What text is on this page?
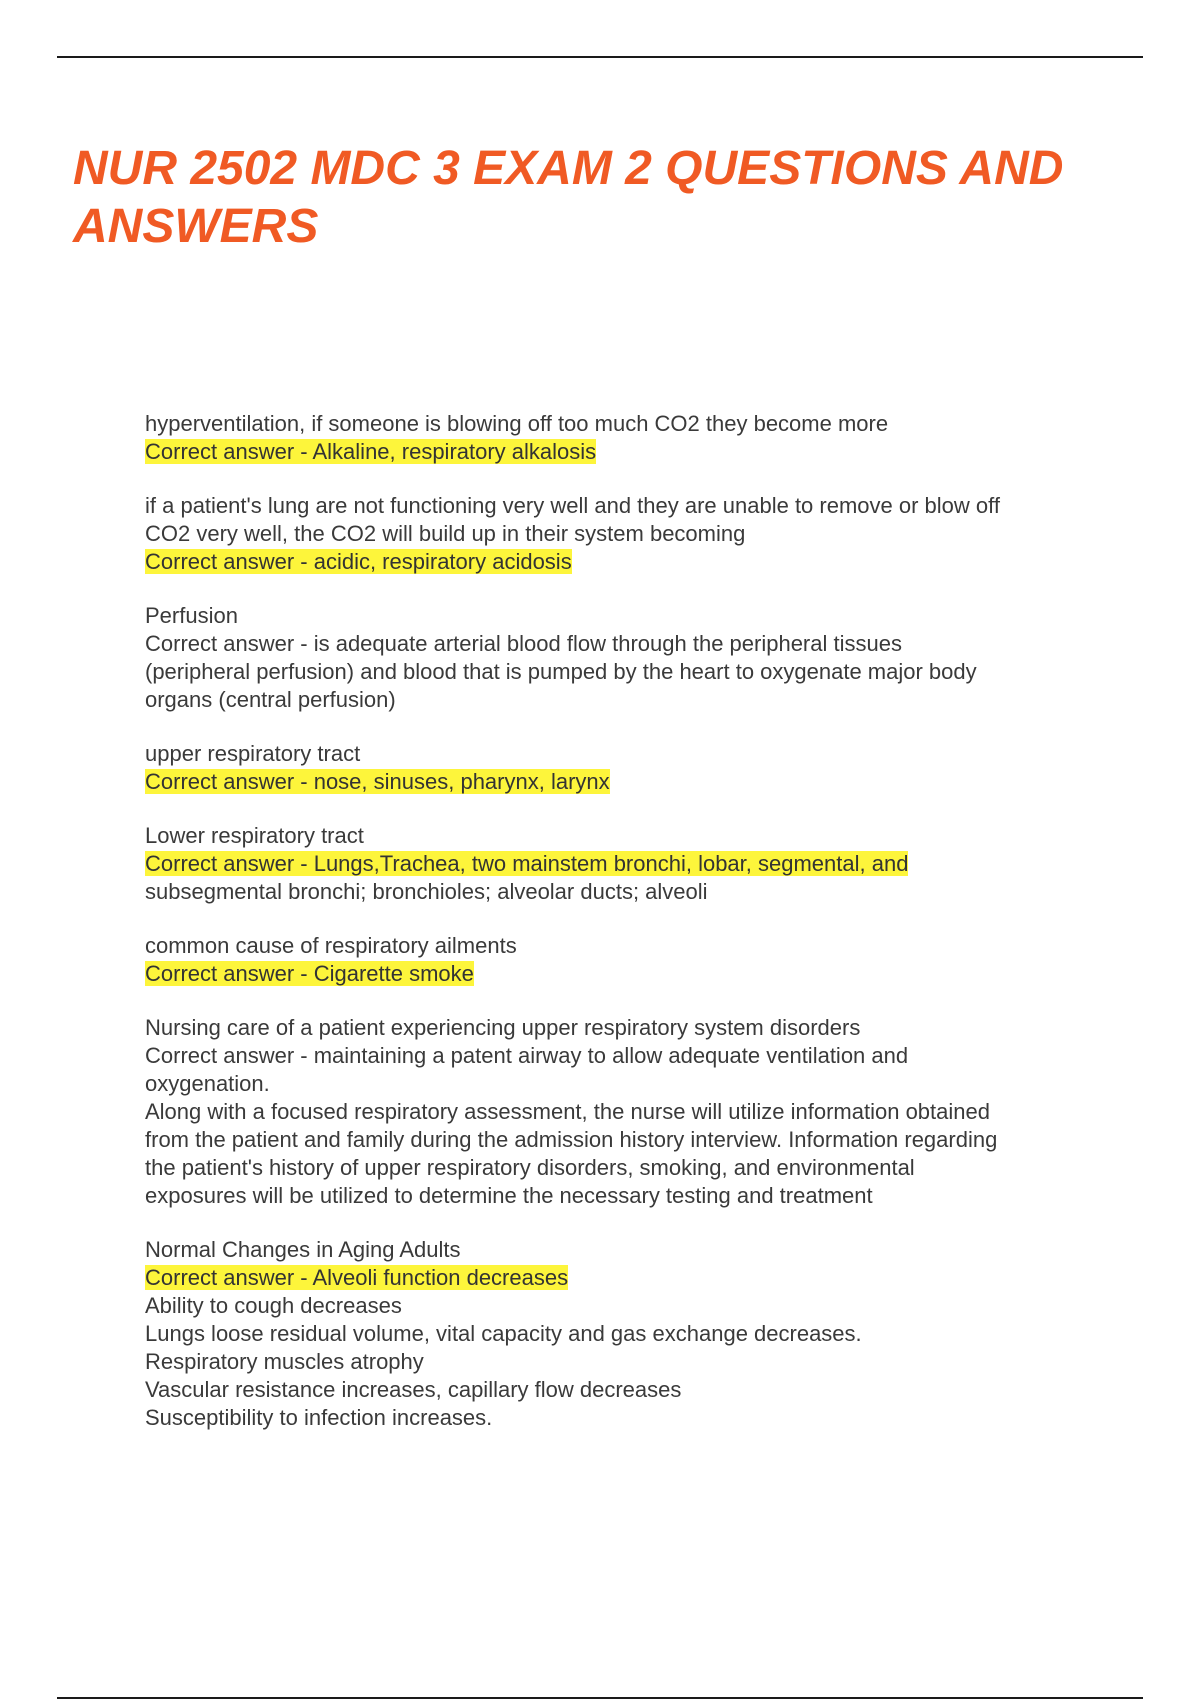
NUR 2502 MDC 3 EXAM 2 QUESTIONS AND ANSWERS
hyperventilation, if someone is blowing off too much CO2 they become more
Correct answer - Alkaline, respiratory alkalosis
if a patient's lung are not functioning very well and they are unable to remove or blow off
CO2 very well, the CO2 will build up in their system becoming
Correct answer - acidic, respiratory acidosis
Perfusion
Correct answer - is adequate arterial blood flow through the peripheral tissues
(peripheral perfusion) and blood that is pumped by the heart to oxygenate major body
organs (central perfusion)
upper respiratory tract
Correct answer - nose, sinuses, pharynx, larynx
Lower respiratory tract
Correct answer - Lungs,Trachea, two mainstem bronchi, lobar, segmental, and
subsegmental bronchi; bronchioles; alveolar ducts; alveoli
common cause of respiratory ailments
Correct answer - Cigarette smoke
Nursing care of a patient experiencing upper respiratory system disorders
Correct answer - maintaining a patent airway to allow adequate ventilation and
oxygenation.
Along with a focused respiratory assessment, the nurse will utilize information obtained
from the patient and family during the admission history interview. Information regarding
the patient's history of upper respiratory disorders, smoking, and environmental
exposures will be utilized to determine the necessary testing and treatment
Normal Changes in Aging Adults
Correct answer - Alveoli function decreases
Ability to cough decreases
Lungs loose residual volume, vital capacity and gas exchange decreases.
Respiratory muscles atrophy
Vascular resistance increases, capillary flow decreases
Susceptibility to infection increases.
